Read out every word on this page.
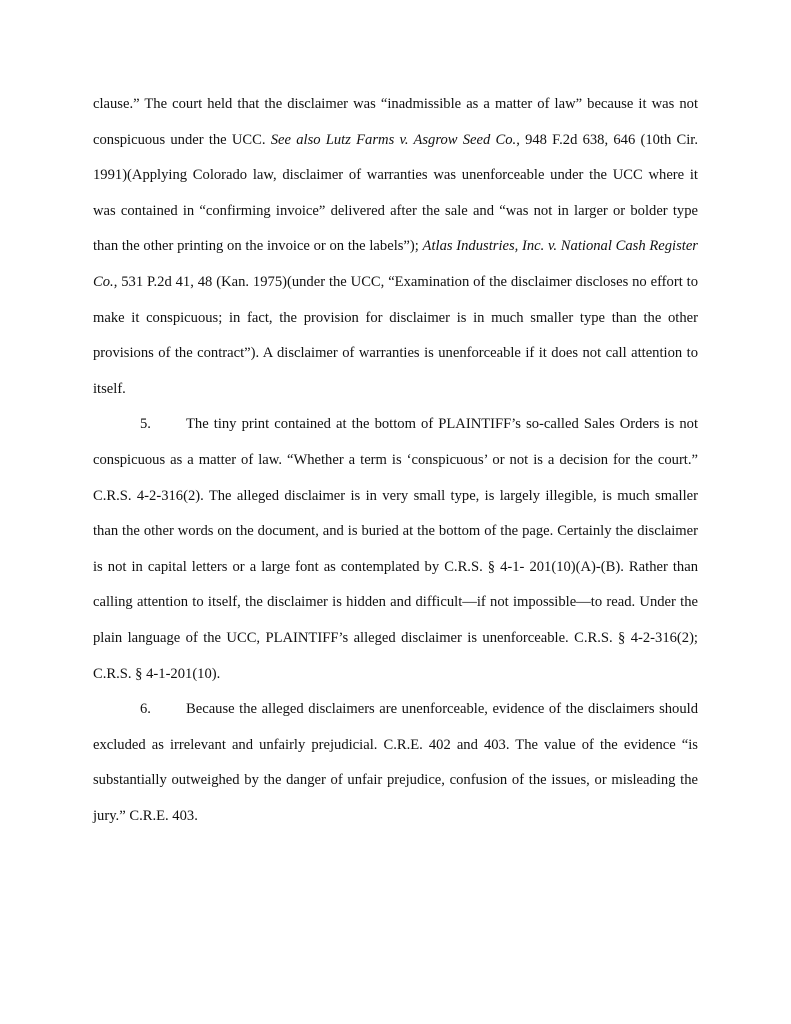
clause.” The court held that the disclaimer was “inadmissible as a matter of law” because it was not conspicuous under the UCC. See also Lutz Farms v. Asgrow Seed Co., 948 F.2d 638, 646 (10th Cir. 1991)(Applying Colorado law, disclaimer of warranties was unenforceable under the UCC where it was contained in “confirming invoice” delivered after the sale and “was not in larger or bolder type than the other printing on the invoice or on the labels”); Atlas Industries, Inc. v. National Cash Register Co., 531 P.2d 41, 48 (Kan. 1975)(under the UCC, “Examination of the disclaimer discloses no effort to make it conspicuous; in fact, the provision for disclaimer is in much smaller type than the other provisions of the contract”). A disclaimer of warranties is unenforceable if it does not call attention to itself.

5. The tiny print contained at the bottom of PLAINTIFF’s so-called Sales Orders is not conspicuous as a matter of law. “Whether a term is ‘conspicuous’ or not is a decision for the court.” C.R.S. 4-2-316(2). The alleged disclaimer is in very small type, is largely illegible, is much smaller than the other words on the document, and is buried at the bottom of the page. Certainly the disclaimer is not in capital letters or a large font as contemplated by C.R.S. § 4-1- 201(10)(A)-(B). Rather than calling attention to itself, the disclaimer is hidden and difficult—if not impossible—to read. Under the plain language of the UCC, PLAINTIFF’s alleged disclaimer is unenforceable. C.R.S. § 4-2-316(2); C.R.S. § 4-1-201(10).

6. Because the alleged disclaimers are unenforceable, evidence of the disclaimers should excluded as irrelevant and unfairly prejudicial. C.R.E. 402 and 403. The value of the evidence “is substantially outweighed by the danger of unfair prejudice, confusion of the issues, or misleading the jury.” C.R.E. 403.
